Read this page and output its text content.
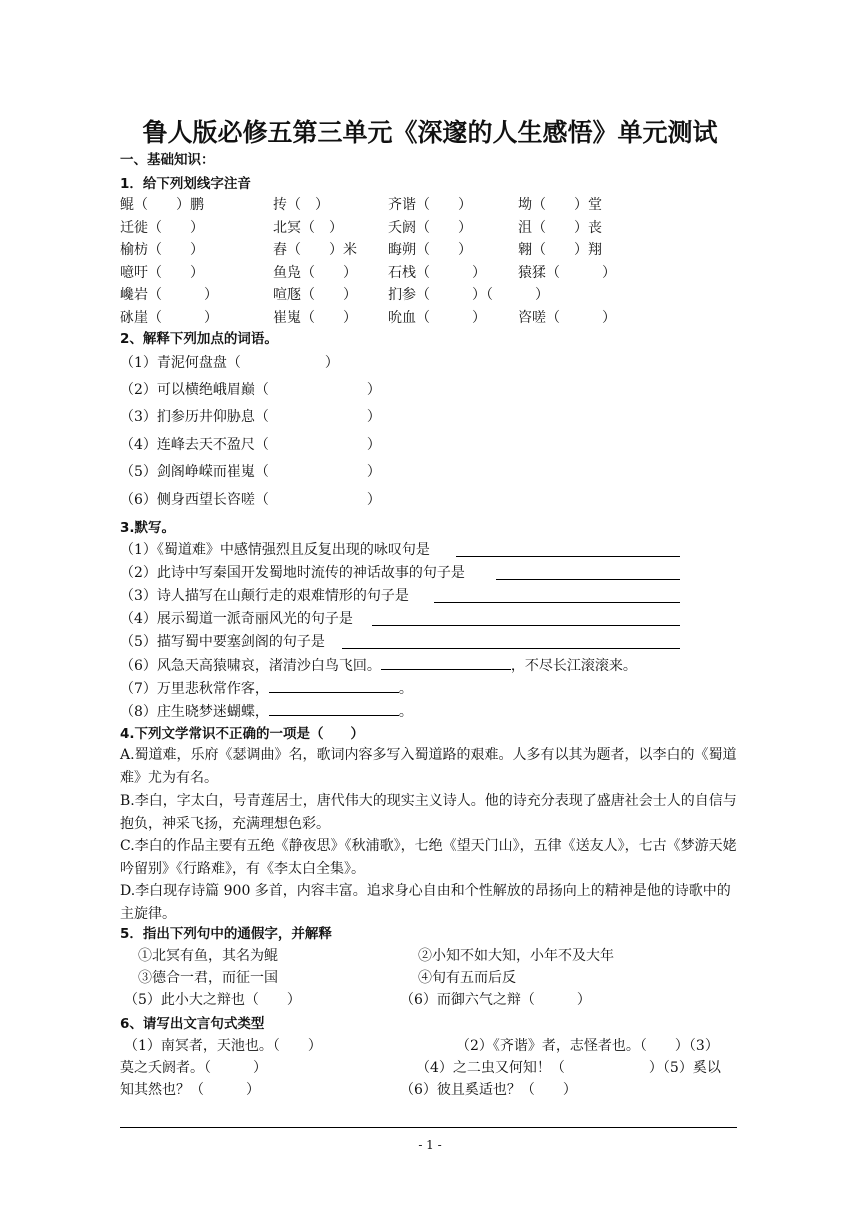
鲁人版必修五第三单元《深邃的人生感悟》单元测试
一、基础知识：
1．给下列划线字注音
鲲（　　）鹏	抟（　）	齐谐（　　）	坳（　　）堂
迁徙（　　）	北冥（　）	夭阏（　　）	沮（　　）丧
榆枋（　　）	舂（　　）米 晦朔（　　）	翱（　　）翔
噫吁（　　）	鱼凫（　　） 石栈（　　　） 猿猱（　　　）
巉岩（　　　）	喧豗（　　） 扪参（　　　）（　　　）
砯崖（　　　）	崔嵬（　　） 吮血（　　　） 咨嗟（　　　）
2、解释下列加点的词语。
（1）青泥何盘盘（　　　　　　）
（2）可以横绝峨眉巅（　　　　　　　）
（3）扪参历井仰胁息（　　　　　　　）
（4）连峰去天不盈尺（　　　　　　　）
（5）剑阁峥嵘而崔嵬（　　　　　　　）
（6）侧身西望长咨嗟（　　　　　　　）
3.默写。
（1）《蜀道难》中感情强烈且反复出现的咏叹句是
（2）此诗中写秦国开发蜀地时流传的神话故事的句子是
（3）诗人描写在山颠行走的艰难情形的句子是
（4）展示蜀道一派奇丽风光的句子是
（5）描写蜀中要塞剑阁的句子是
（6）风急天高猿啸哀，渚清沙白鸟飞回。	，不尽长江滚滚来。
（7）万里悲秋常作客，	。
（8）庄生晓梦迷蝴蝶，	。
4.下列文学常识不正确的一项是（　　）
A.蜀道难，乐府《瑟调曲》名，歌词内容多写入蜀道路的艰难。人多有以其为题者，以李白的《蜀道难》尤为有名。
B.李白，字太白，号青莲居士，唐代伟大的现实主义诗人。他的诗充分表现了盛唐社会士人的自信与抱负，神采飞扬，充满理想色彩。
C.李白的作品主要有五绝《静夜思》《秋浦歌》，七绝《望天门山》，五律《送友人》，七古《梦游天姥吟留别》《行路难》，有《李太白全集》。
D.李白现存诗篇 900 多首，内容丰富。追求身心自由和个性解放的昂扬向上的精神是他的诗歌中的主旋律。
5．指出下列句中的通假字，并解释
①北冥有鱼，其名为鲲	②小知不如大知，小年不及大年
③德合一君，而征一国	④旬有五而后反
（5）此小大之辩也（　　）	（6）而御六气之辩（　　　）
6、请写出文言句式类型
（1）南冥者，天池也。（　　）	（2）《齐谐》者，志怪者也。（　　）（3）
莫之夭阏者。（　　　）	（4）之二虫又何知！（　　　　　　）（5）奚以
知其然也？（　　　）	（6）彼且奚适也？（　　）
- 1 -
